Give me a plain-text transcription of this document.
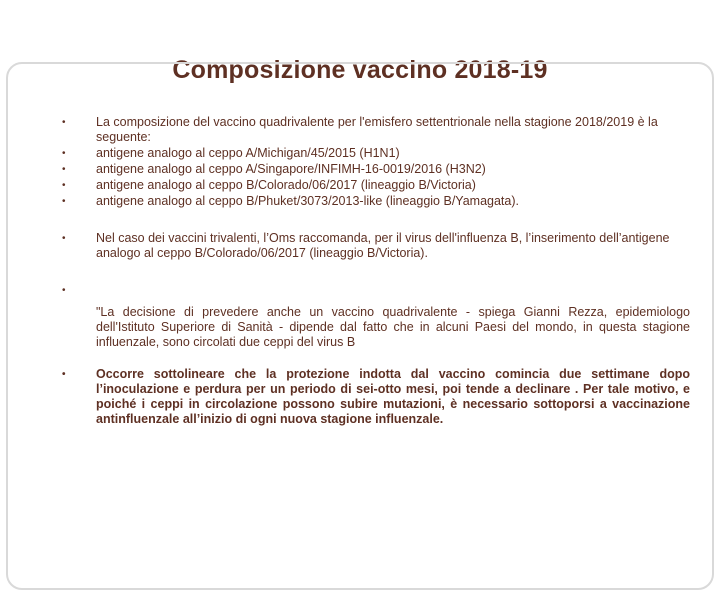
Composizione vaccino 2018-19
•	La composizione del vaccino quadrivalente per l'emisfero settentrionale nella stagione 2018/2019 è la seguente:
•	antigene analogo al ceppo A/Michigan/45/2015 (H1N1)
•	antigene analogo al ceppo A/Singapore/INFIMH-16-0019/2016 (H3N2)
•	antigene analogo al ceppo B/Colorado/06/2017 (lineaggio B/Victoria)
•	antigene analogo al ceppo B/Phuket/3073/2013-like (lineaggio B/Yamagata).
•	Nel caso dei vaccini trivalenti, l’Oms raccomanda, per il virus dell'influenza B, l’inserimento dell’antigene analogo al ceppo B/Colorado/06/2017 (lineaggio B/Victoria).
•
"La decisione di prevedere anche un vaccino quadrivalente - spiega Gianni Rezza, epidemiologo dell'Istituto Superiore di Sanità - dipende dal fatto che in alcuni Paesi del mondo, in questa stagione influenzale, sono circolati due ceppi del virus B
•	Occorre sottolineare che la protezione indotta dal vaccino comincia due settimane dopo l’inoculazione e perdura per un periodo di sei-otto mesi, poi tende a declinare . Per tale motivo, e poiché i ceppi in circolazione possono subire mutazioni, è necessario sottoporsi a vaccinazione antinfluenzale all’inizio di ogni nuova stagione influenzale.
